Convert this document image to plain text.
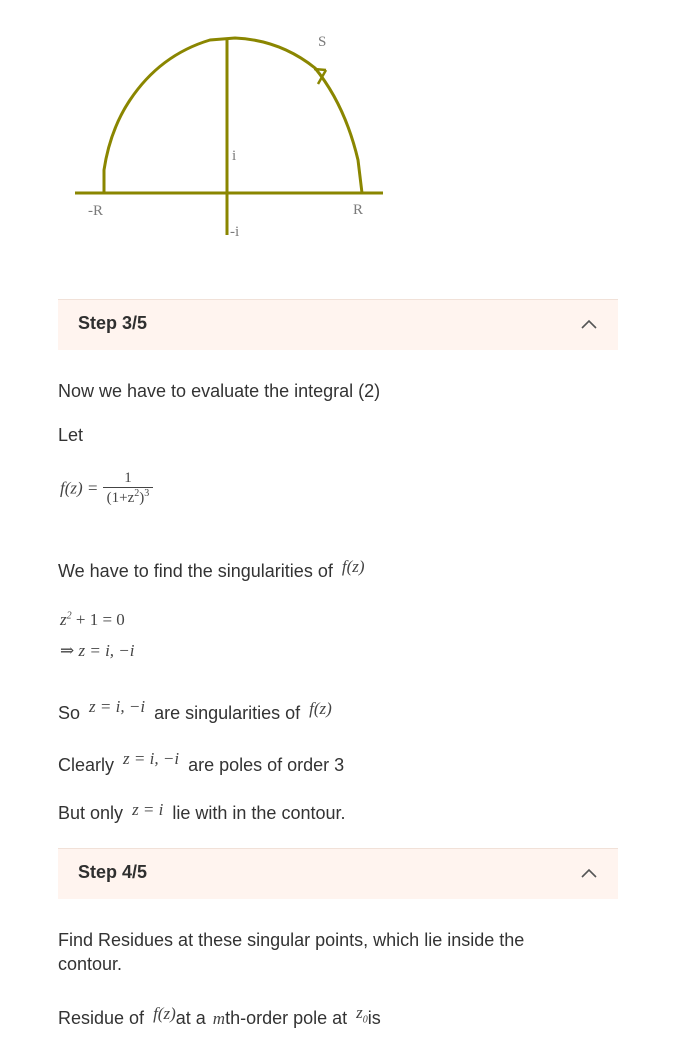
S
i
-i
-R	R
Step 3/5
Now we have to evaluate the integral (2)
Let
$f(z) = \frac{1}{(1+z^2)^3}$
We have to find the singularities of f(z)
$z^2 + 1 = 0$
⇒ z = i, −i
So z = i, −i are singularities of f(z)
Clearly z = i, −i are poles of order 3
But only z = i lie with in the contour.
Step 4/5
Find Residues at these singular points, which lie inside the
contour.
Residue of f(z)at a mth-order pole at $z_0is$
